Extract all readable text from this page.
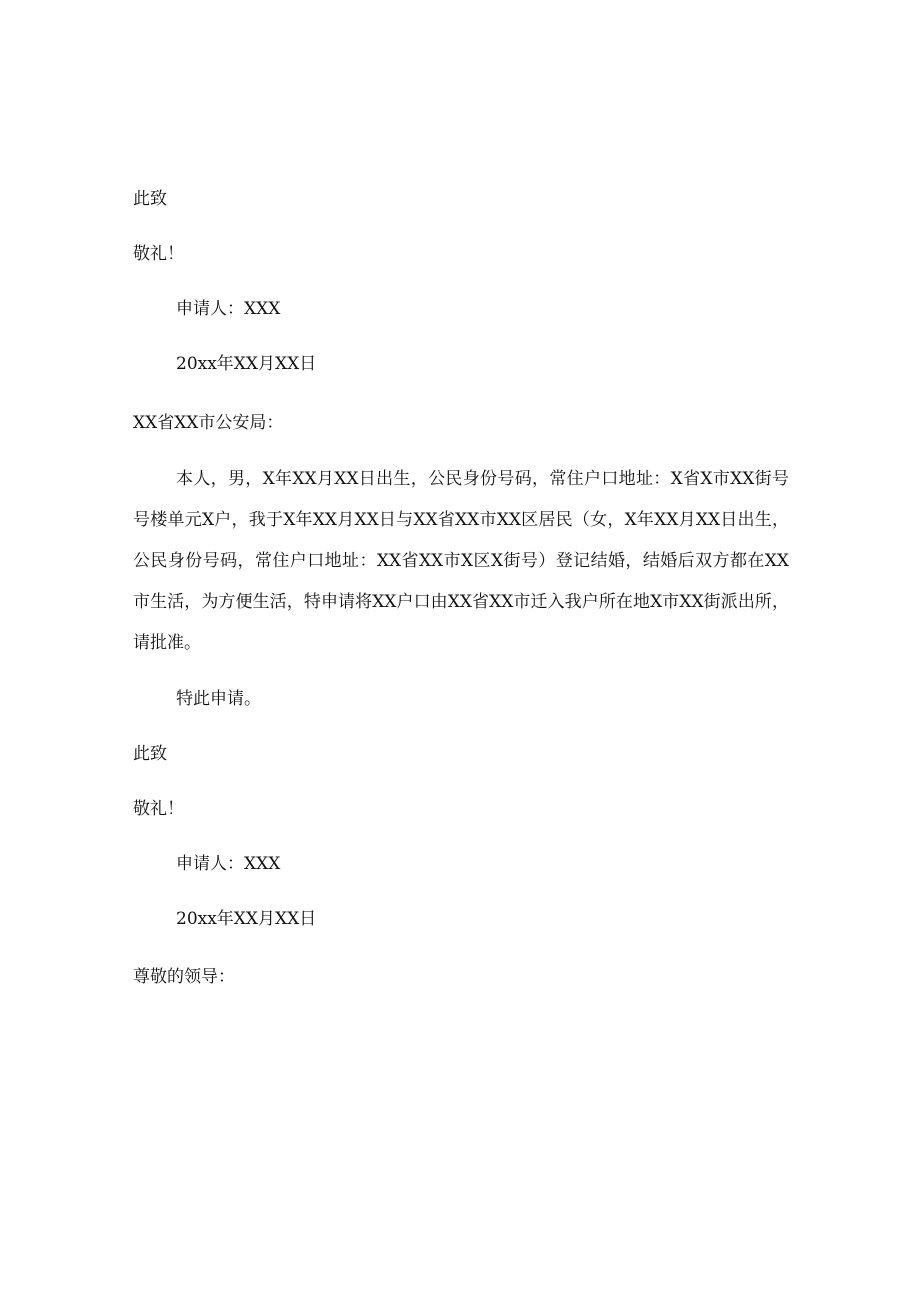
此致
敬礼！
申请人：XXX
20xx年XX月XX日
XX省XX市公安局：
本人，男，X年XX月XX日出生，公民身份号码，常住户口地址：X省X市XX街号号楼单元X户，我于X年XX月XX日与XX省XX市XX区居民（女，X年XX月XX日出生，公民身份号码，常住户口地址：XX省XX市X区X街号）登记结婚，结婚后双方都在XX市生活，为方便生活，特申请将XX户口由XX省XX市迁入我户所在地X市XX街派出所，请批准。
特此申请。
此致
敬礼！
申请人：XXX
20xx年XX月XX日
尊敬的领导：
